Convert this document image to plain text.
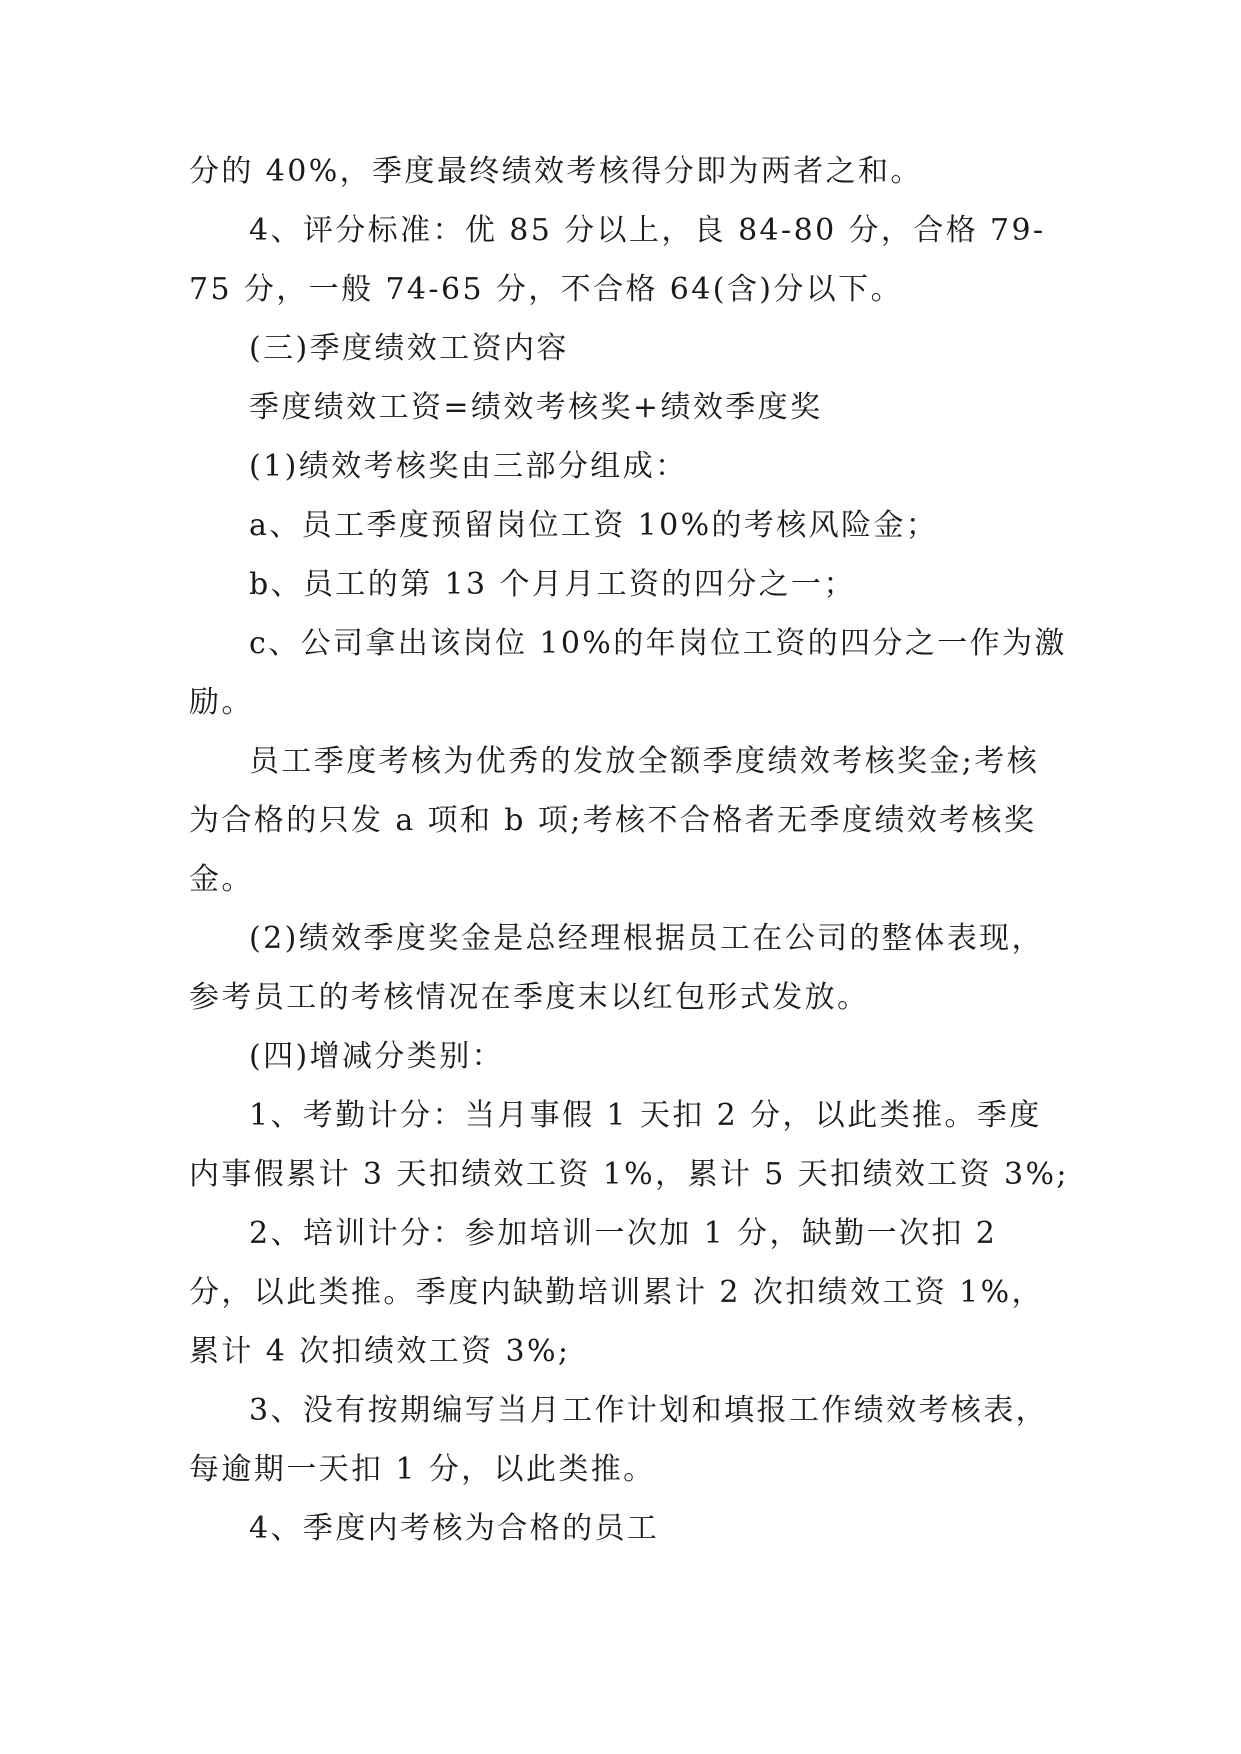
分的 40%，季度最终绩效考核得分即为两者之和。

4、评分标准：优 85 分以上，良 84-80 分，合格 79-75 分，一般 74-65 分，不合格 64(含)分以下。

(三)季度绩效工资内容

季度绩效工资=绩效考核奖+绩效季度奖

(1)绩效考核奖由三部分组成：

a、员工季度预留岗位工资 10%的考核风险金；

b、员工的第 13 个月月工资的四分之一；

c、公司拿出该岗位 10%的年岗位工资的四分之一作为激励。

员工季度考核为优秀的发放全额季度绩效考核奖金;考核为合格的只发 a 项和 b 项;考核不合格者无季度绩效考核奖金。

(2)绩效季度奖金是总经理根据员工在公司的整体表现，参考员工的考核情况在季度末以红包形式发放。

(四)增减分类别：

1、考勤计分：当月事假 1 天扣 2 分，以此类推。季度内事假累计 3 天扣绩效工资 1%，累计 5 天扣绩效工资 3%;

2、培训计分：参加培训一次加 1 分，缺勤一次扣 2 分，以此类推。季度内缺勤培训累计 2 次扣绩效工资 1%，累计 4 次扣绩效工资 3%;

3、没有按期编写当月工作计划和填报工作绩效考核表，每逾期一天扣 1 分，以此类推。

4、季度内考核为合格的员工
